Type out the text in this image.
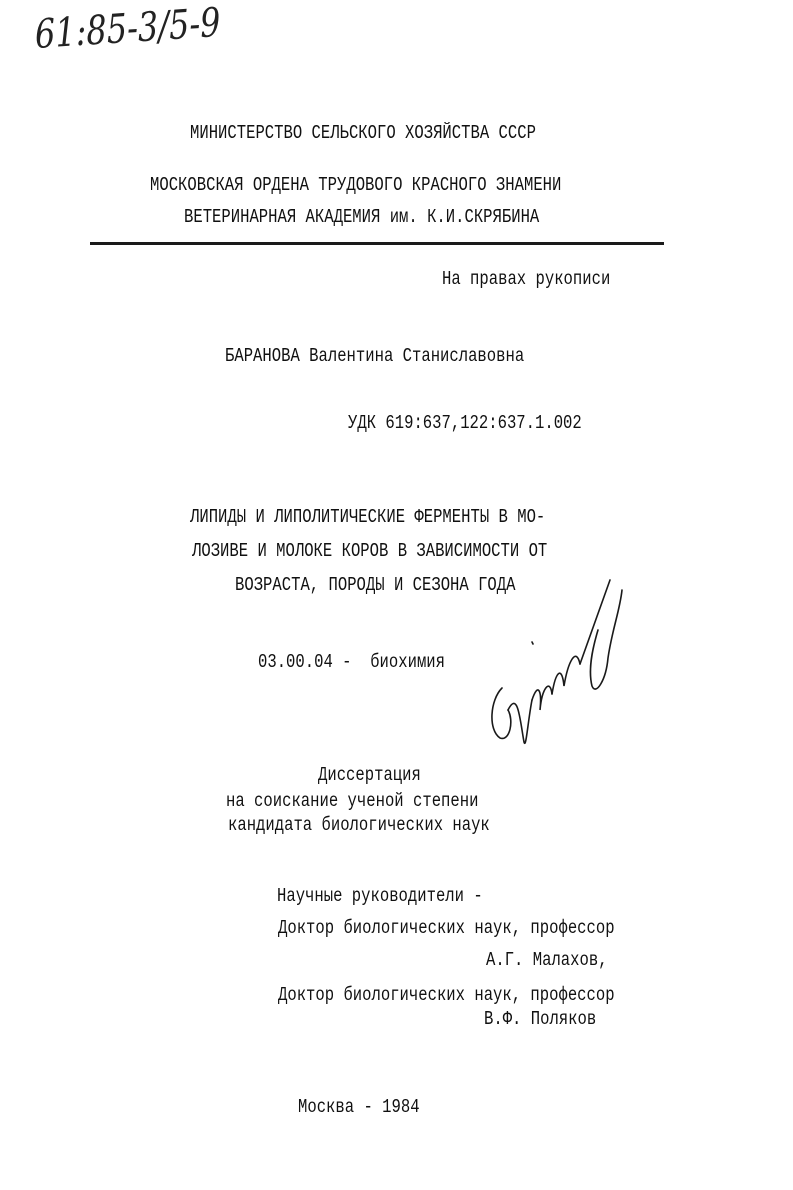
61:85-3/5-9
МИНИСТЕРСТВО СЕЛЬСКОГО ХОЗЯЙСТВА СССР
МОСКОВСКАЯ ОРДЕНА ТРУДОВОГО КРАСНОГО ЗНАМЕНИ
ВЕТЕРИНАРНАЯ АКАДЕМИЯ им. К.И.СКРЯБИНА
На правах рукописи
БАРАНОВА Валентина Станиславовна
УДК 619:637,122:637.1.002
ЛИПИДЫ И ЛИПОЛИТИЧЕСКИЕ ФЕРМЕНТЫ В МО-
ЛОЗИВЕ И МОЛОКЕ КОРОВ В ЗАВИСИМОСТИ ОТ
ВОЗРАСТА, ПОРОДЫ И СЕЗОНА ГОДА
03.00.04 -  биохимия
Диссертация
на соискание ученой степени
кандидата биологических наук
Научные руководители -
Доктор биологических наук, профессор
А.Г. Малахов,
Доктор биологических наук, профессор
В.Ф. Поляков
Москва - 1984
